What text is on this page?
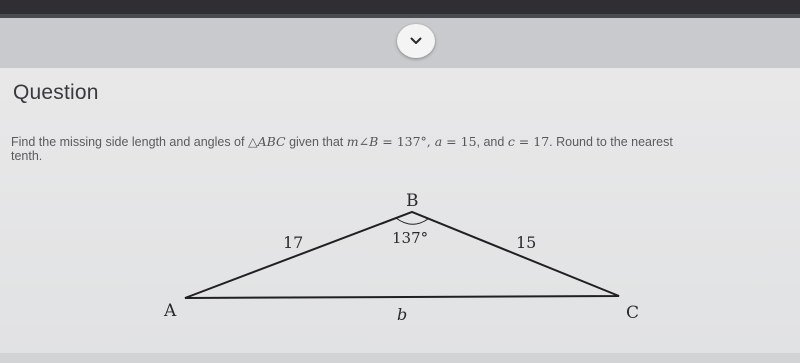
Question

Find the missing side length and angles of △ABC given that m∠B = 137°, a = 15, and c = 17. Round to the nearest

tenth.

A
B
C
17	15
b
137°
